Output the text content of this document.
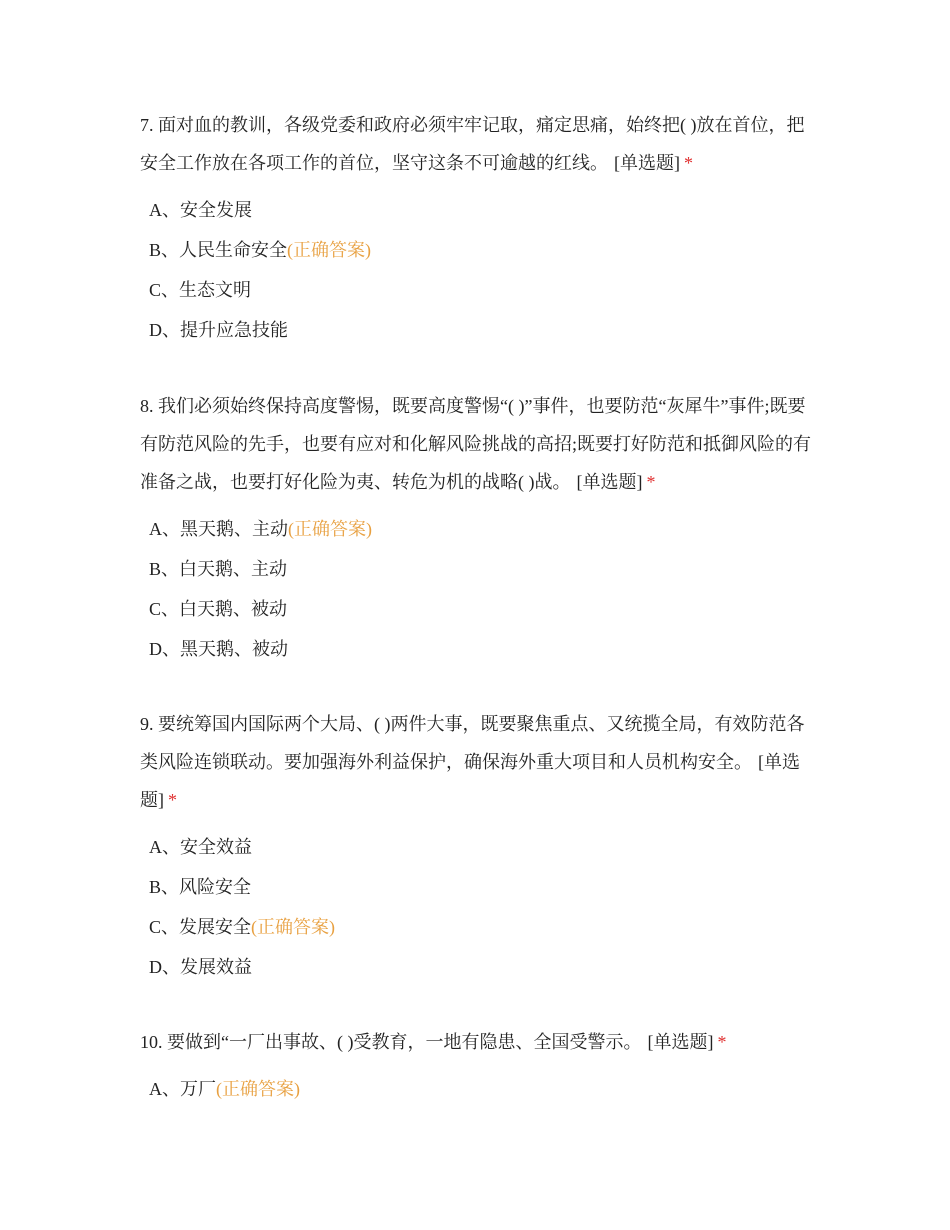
7. 面对血的教训，各级党委和政府必须牢牢记取，痛定思痛，始终把( )放在首位，把安全工作放在各项工作的首位，坚守这条不可逾越的红线。 [单选题] *

A、安全发展
B、人民生命安全(正确答案)
C、生态文明
D、提升应急技能

8. 我们必须始终保持高度警惕，既要高度警惕“( )”事件，也要防范“灰犀牛”事件;既要有防范风险的先手，也要有应对和化解风险挑战的高招;既要打好防范和抵御风险的有准备之战，也要打好化险为夷、转危为机的战略( )战。 [单选题] *

A、黑天鹅、主动(正确答案)
B、白天鹅、主动
C、白天鹅、被动
D、黑天鹅、被动

9. 要统筹国内国际两个大局、( )两件大事，既要聚焦重点、又统揽全局，有效防范各类风险连锁联动。要加强海外利益保护，确保海外重大项目和人员机构安全。 [单选题] *

A、安全效益
B、风险安全
C、发展安全(正确答案)
D、发展效益

10. 要做到“一厂出事故、( )受教育，一地有隐患、全国受警示。 [单选题] *

A、万厂(正确答案)
